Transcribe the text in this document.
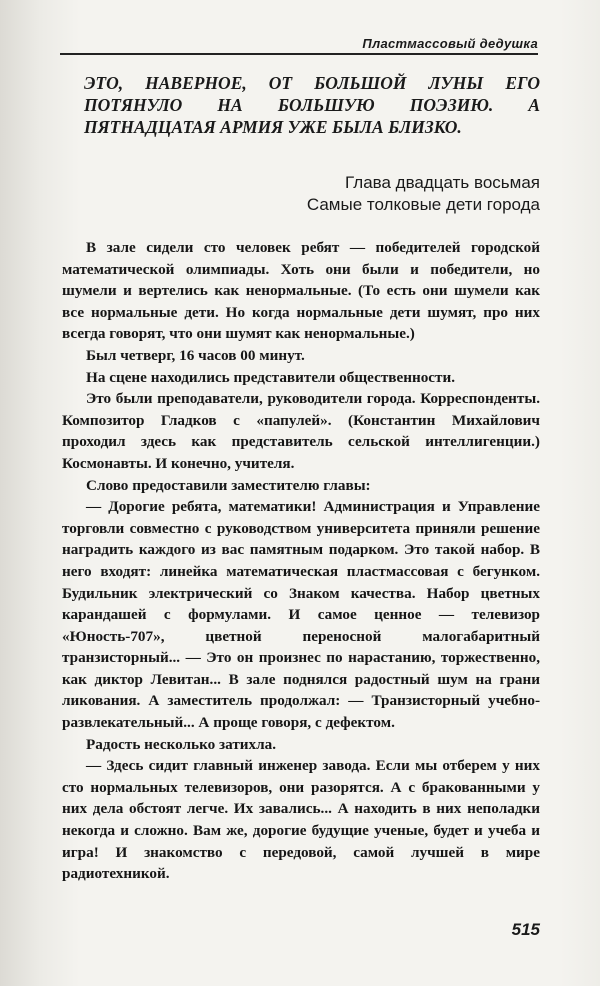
Пластмассовый дедушка
ЭТО, НАВЕРНОЕ, ОТ БОЛЬШОЙ ЛУНЫ ЕГО ПОТЯНУЛО НА БОЛЬШУЮ ПОЭЗИЮ. А ПЯТНАДЦАТАЯ АРМИЯ УЖЕ БЫЛА БЛИЗКО.
Глава двадцать восьмая
Самые толковые дети города

В зале сидели сто человек ребят — победителей городской математической олимпиады. Хоть они были и победители, но шумели и вертелись как ненормальные. (То есть они шумели как все нормальные дети. Но когда нормальные дети шумят, про них всегда говорят, что они шумят как ненормальные.)

Был четверг, 16 часов 00 минут.

На сцене находились представители общественности.

Это были преподаватели, руководители города. Корреспонденты. Композитор Гладков с «папулей». (Константин Михайлович проходил здесь как представитель сельской интеллигенции.) Космонавты. И конечно, учителя.

Слово предоставили заместителю главы:

— Дорогие ребята, математики! Администрация и Управление торговли совместно с руководством университета приняли решение наградить каждого из вас памятным подарком. Это такой набор. В него входят: линейка математическая пластмассовая с бегунком. Будильник электрический со Знаком качества. Набор цветных карандашей с формулами. И самое ценное — телевизор «Юность-707», цветной переносной малогабаритный транзисторный... — Это он произнес по нарастанию, торжественно, как диктор Левитан... В зале поднялся радостный шум на грани ликования. А заместитель продолжал: — Транзисторный учебно-развлекательный... А проще говоря, с дефектом.

Радость несколько затихла.

— Здесь сидит главный инженер завода. Если мы отберем у них сто нормальных телевизоров, они разорятся. А с бракованными у них дела обстоят легче. Их завались... А находить в них неполадки некогда и сложно. Вам же, дорогие будущие ученые, будет и учеба и игра! И знакомство с передовой, самой лучшей в мире радиотехникой.

515
